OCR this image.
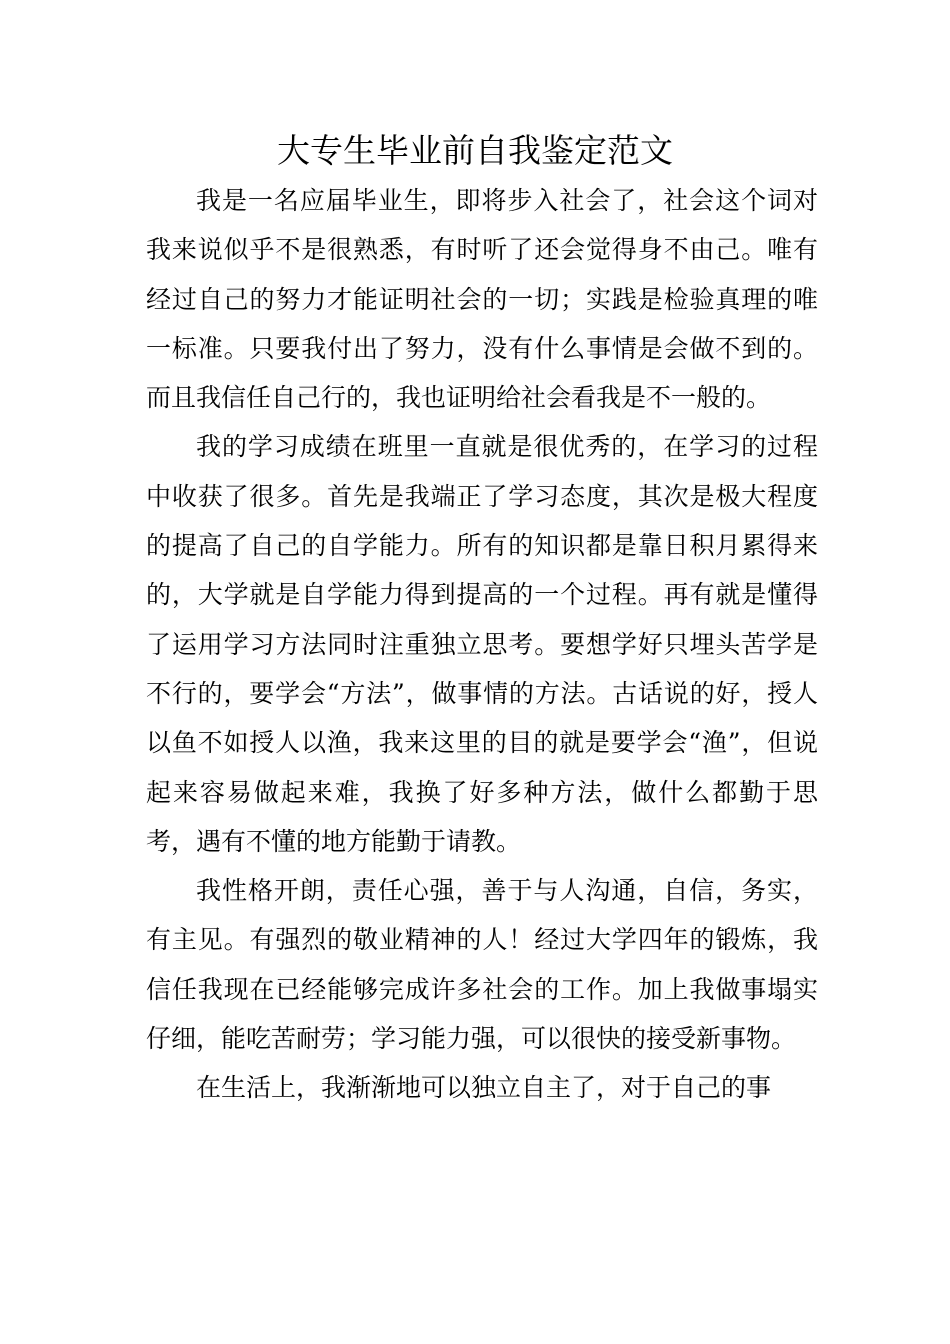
大专生毕业前自我鉴定范文

我是一名应届毕业生，即将步入社会了，社会这个词对我来说似乎不是很熟悉，有时听了还会觉得身不由己。唯有经过自己的努力才能证明社会的一切；实践是检验真理的唯一标准。只要我付出了努力，没有什么事情是会做不到的。而且我信任自己行的，我也证明给社会看我是不一般的。

我的学习成绩在班里一直就是很优秀的，在学习的过程中收获了很多。首先是我端正了学习态度，其次是极大程度的提高了自己的自学能力。所有的知识都是靠日积月累得来的，大学就是自学能力得到提高的一个过程。再有就是懂得了运用学习方法同时注重独立思考。要想学好只埋头苦学是不行的，要学会“方法”，做事情的方法。古话说的好，授人以鱼不如授人以渔，我来这里的目的就是要学会“渔”，但说起来容易做起来难，我换了好多种方法，做什么都勤于思考，遇有不懂的地方能勤于请教。

我性格开朗，责任心强，善于与人沟通，自信，务实，有主见。有强烈的敬业精神的人！经过大学四年的锻炼，我信任我现在已经能够完成许多社会的工作。加上我做事塌实仔细，能吃苦耐劳；学习能力强，可以很快的接受新事物。

在生活上，我渐渐地可以独立自主了，对于自己的事
